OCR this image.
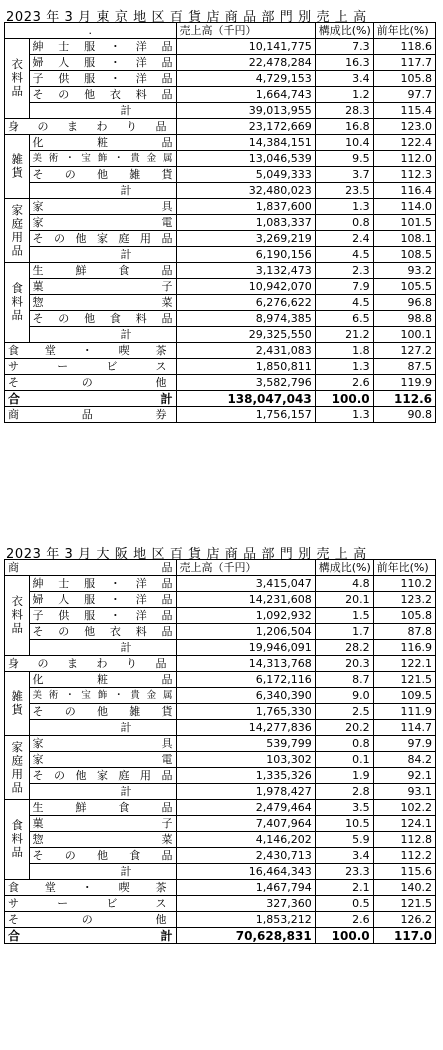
2023 年 3 月 東 京 地 区 百 貨 店 商 品 部 門 別 売 上 高
.		売上高（千円）	構成比(%)	前年比(%)
衣料品	紳士服・洋品	10,141,775	7.3	118.6
	婦人服・洋品	22,478,284	16.3	117.7
	子供服・洋品	4,729,153	3.4	105.8
	その他衣料品	1,664,743	1.2	97.7
	計	39,013,955	28.3	115.4
身のまわり品		23,172,669	16.8	123.0
雑貨	化粧品	14,384,151	10.4	122.4
	美術・宝飾・貴金属	13,046,539	9.5	112.0
	その他雑貨	5,049,333	3.7	112.3
	計	32,480,023	23.5	116.4
家庭用品	家具	1,837,600	1.3	114.0
	家電	1,083,337	0.8	101.5
	その他家庭用品	3,269,219	2.4	108.1
	計	6,190,156	4.5	108.5
食料品	生鮮食品	3,132,473	2.3	93.2
	菓子	10,942,070	7.9	105.5
	惣菜	6,276,622	4.5	96.8
	その他食料品	8,974,385	6.5	98.8
	計	29,325,550	21.2	100.1
食堂・喫茶		2,431,083	1.8	127.2
サービス		1,850,811	1.3	87.5
その他		3,582,796	2.6	119.9
合 計		138,047,043	100.0	112.6
商品券		1,756,157	1.3	90.8
2023 年 3 月 大 阪 地 区 百 貨 店 商 品 部 門 別 売 上 高
商 品		売上高（千円）	構成比(%)	前年比(%)
衣料品	紳士服・洋品	3,415,047	4.8	110.2
	婦人服・洋品	14,231,608	20.1	123.2
	子供服・洋品	1,092,932	1.5	105.8
	その他衣料品	1,206,504	1.7	87.8
	計	19,946,091	28.2	116.9
身のまわり品		14,313,768	20.3	122.1
雑貨	化粧品	6,172,116	8.7	121.5
	美術・宝飾・貴金属	6,340,390	9.0	109.5
	その他雑貨	1,765,330	2.5	111.9
	計	14,277,836	20.2	114.7
家庭用品	家具	539,799	0.8	97.9
	家電	103,302	0.1	84.2
	その他家庭用品	1,335,326	1.9	92.1
	計	1,978,427	2.8	93.1
食料品	生鮮食品	2,479,464	3.5	102.2
	菓子	7,407,964	10.5	124.1
	惣菜	4,146,202	5.9	112.8
	その他食品	2,430,713	3.4	112.2
	計	16,464,343	23.3	115.6
食堂・喫茶		1,467,794	2.1	140.2
サービス		327,360	0.5	121.5
その他		1,853,212	2.6	126.2
合 計		70,628,831	100.0	117.0
